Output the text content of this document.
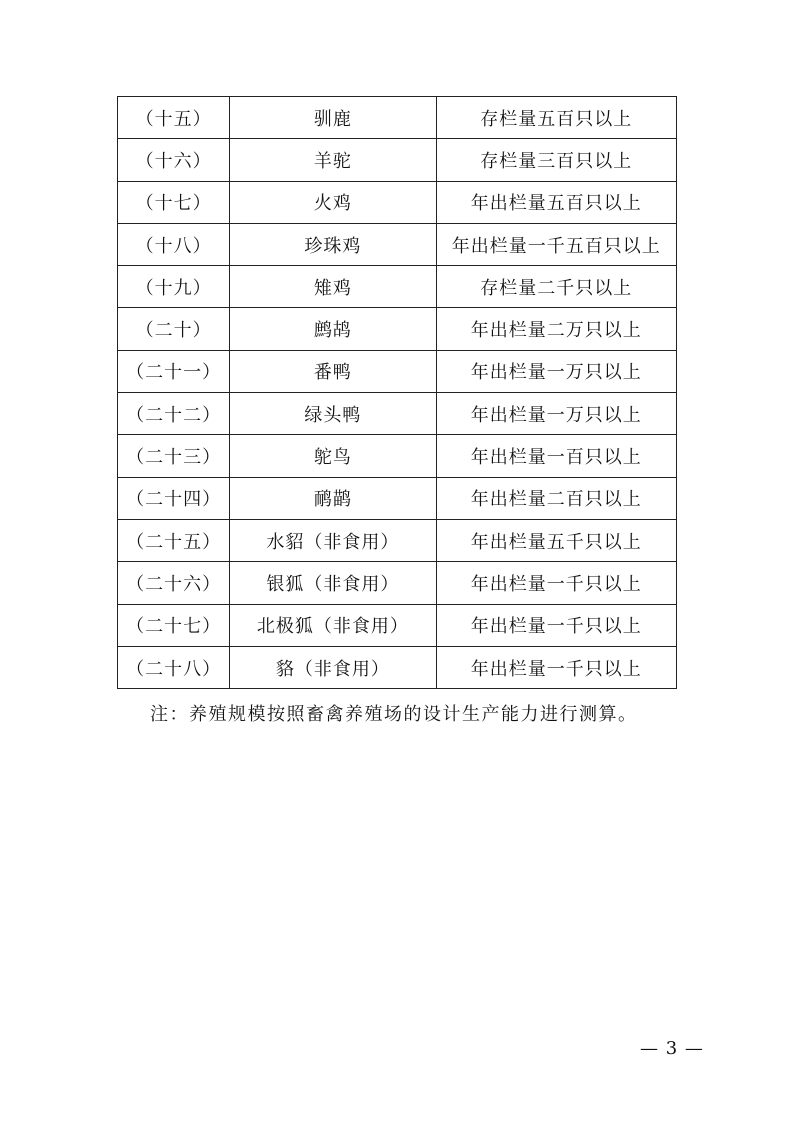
（十五）	驯鹿	存栏量五百只以上
（十六）	羊驼	存栏量三百只以上
（十七）	火鸡	年出栏量五百只以上
（十八）	珍珠鸡	年出栏量一千五百只以上
（十九）	雉鸡	存栏量二千只以上
（二十）	鹧鸪	年出栏量二万只以上
（二十一）	番鸭	年出栏量一万只以上
（二十二）	绿头鸭	年出栏量一万只以上
（二十三）	鸵鸟	年出栏量一百只以上
（二十四）	鸸鹋	年出栏量二百只以上
（二十五）	水貂（非食用）	年出栏量五千只以上
（二十六）	银狐（非食用）	年出栏量一千只以上
（二十七）	北极狐（非食用）	年出栏量一千只以上
（二十八）	貉（非食用）	年出栏量一千只以上
注：养殖规模按照畜禽养殖场的设计生产能力进行测算。
— 3 —
